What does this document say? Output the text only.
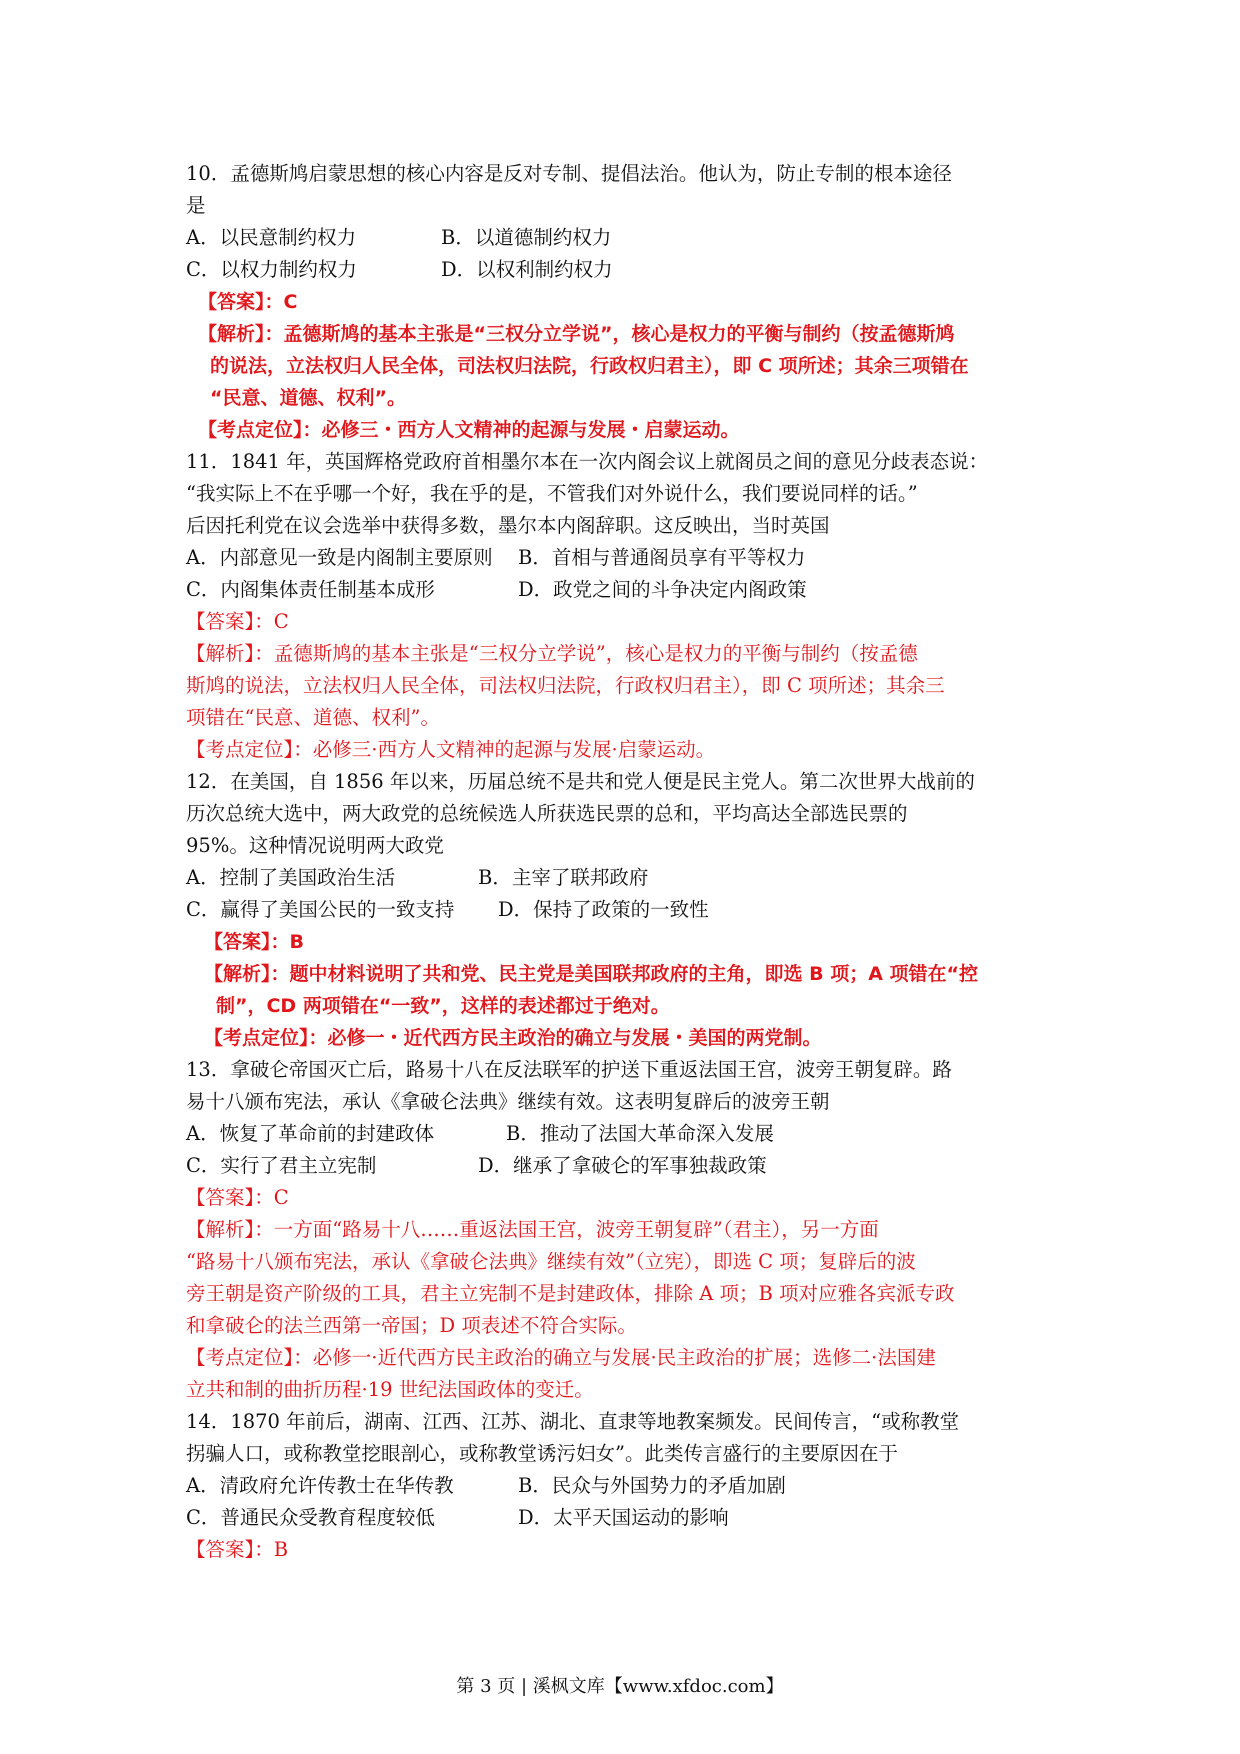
10．孟德斯鸠启蒙思想的核心内容是反对专制、提倡法治。他认为，防止专制的根本途径
是
A．以民意制约权力	B．以道德制约权力
C．以权力制约权力	D．以权利制约权力
【答案】：C
【解析】：孟德斯鸠的基本主张是“三权分立学说”，核心是权力的平衡与制约（按孟德斯鸠
的说法，立法权归人民全体，司法权归法院，行政权归君主），即 C 项所述；其余三项错在
“民意、道德、权利”。
【考点定位】：必修三・西方人文精神的起源与发展・启蒙运动。
11．1841 年，英国辉格党政府首相墨尔本在一次内阁会议上就阁员之间的意见分歧表态说：
“我实际上不在乎哪一个好，我在乎的是，不管我们对外说什么，我们要说同样的话。”
后因托利党在议会选举中获得多数，墨尔本内阁辞职。这反映出，当时英国
A．内部意见一致是内阁制主要原则 B．首相与普通阁员享有平等权力
C．内阁集体责任制基本成形	D．政党之间的斗争决定内阁政策
【答案】：C
【解析】：孟德斯鸠的基本主张是“三权分立学说”，核心是权力的平衡与制约（按孟德
斯鸠的说法，立法权归人民全体，司法权归法院，行政权归君主），即 C 项所述；其余三
项错在“民意、道德、权利”。
【考点定位】：必修三·西方人文精神的起源与发展·启蒙运动。
12．在美国，自 1856 年以来，历届总统不是共和党人便是民主党人。第二次世界大战前的
历次总统大选中，两大政党的总统候选人所获选民票的总和，平均高达全部选民票的
95%。这种情况说明两大政党
A．控制了美国政治生活	B．主宰了联邦政府
C．赢得了美国公民的一致支持 D．保持了政策的一致性
【答案】：B
【解析】：题中材料说明了共和党、民主党是美国联邦政府的主角，即选 B 项；A 项错在“控
制”，CD 两项错在“一致”，这样的表述都过于绝对。
【考点定位】：必修一・近代西方民主政治的确立与发展・美国的两党制。
13．拿破仑帝国灭亡后，路易十八在反法联军的护送下重返法国王宫，波旁王朝复辟。路
易十八颁布宪法，承认《拿破仑法典》继续有效。这表明复辟后的波旁王朝
A．恢复了革命前的封建政体	B．推动了法国大革命深入发展
C．实行了君主立宪制	D．继承了拿破仑的军事独裁政策
【答案】：C
【解析】：一方面“路易十八……重返法国王宫，波旁王朝复辟”（君主），另一方面
“路易十八颁布宪法，承认《拿破仑法典》继续有效”（立宪），即选 C 项；复辟后的波
旁王朝是资产阶级的工具，君主立宪制不是封建政体，排除 A 项；B 项对应雅各宾派专政
和拿破仑的法兰西第一帝国；D 项表述不符合实际。
【考点定位】：必修一·近代西方民主政治的确立与发展·民主政治的扩展；选修二·法国建
立共和制的曲折历程·19 世纪法国政体的变迁。
14．1870 年前后，湖南、江西、江苏、湖北、直隶等地教案频发。民间传言，“或称教堂
拐骗人口，或称教堂挖眼剖心，或称教堂诱污妇女”。此类传言盛行的主要原因在于
A．清政府允许传教士在华传教	B．民众与外国势力的矛盾加剧
C．普通民众受教育程度较低	D．太平天国运动的影响
【答案】：B
第 3 页 | 溪枫文库【www.xfdoc.com】
